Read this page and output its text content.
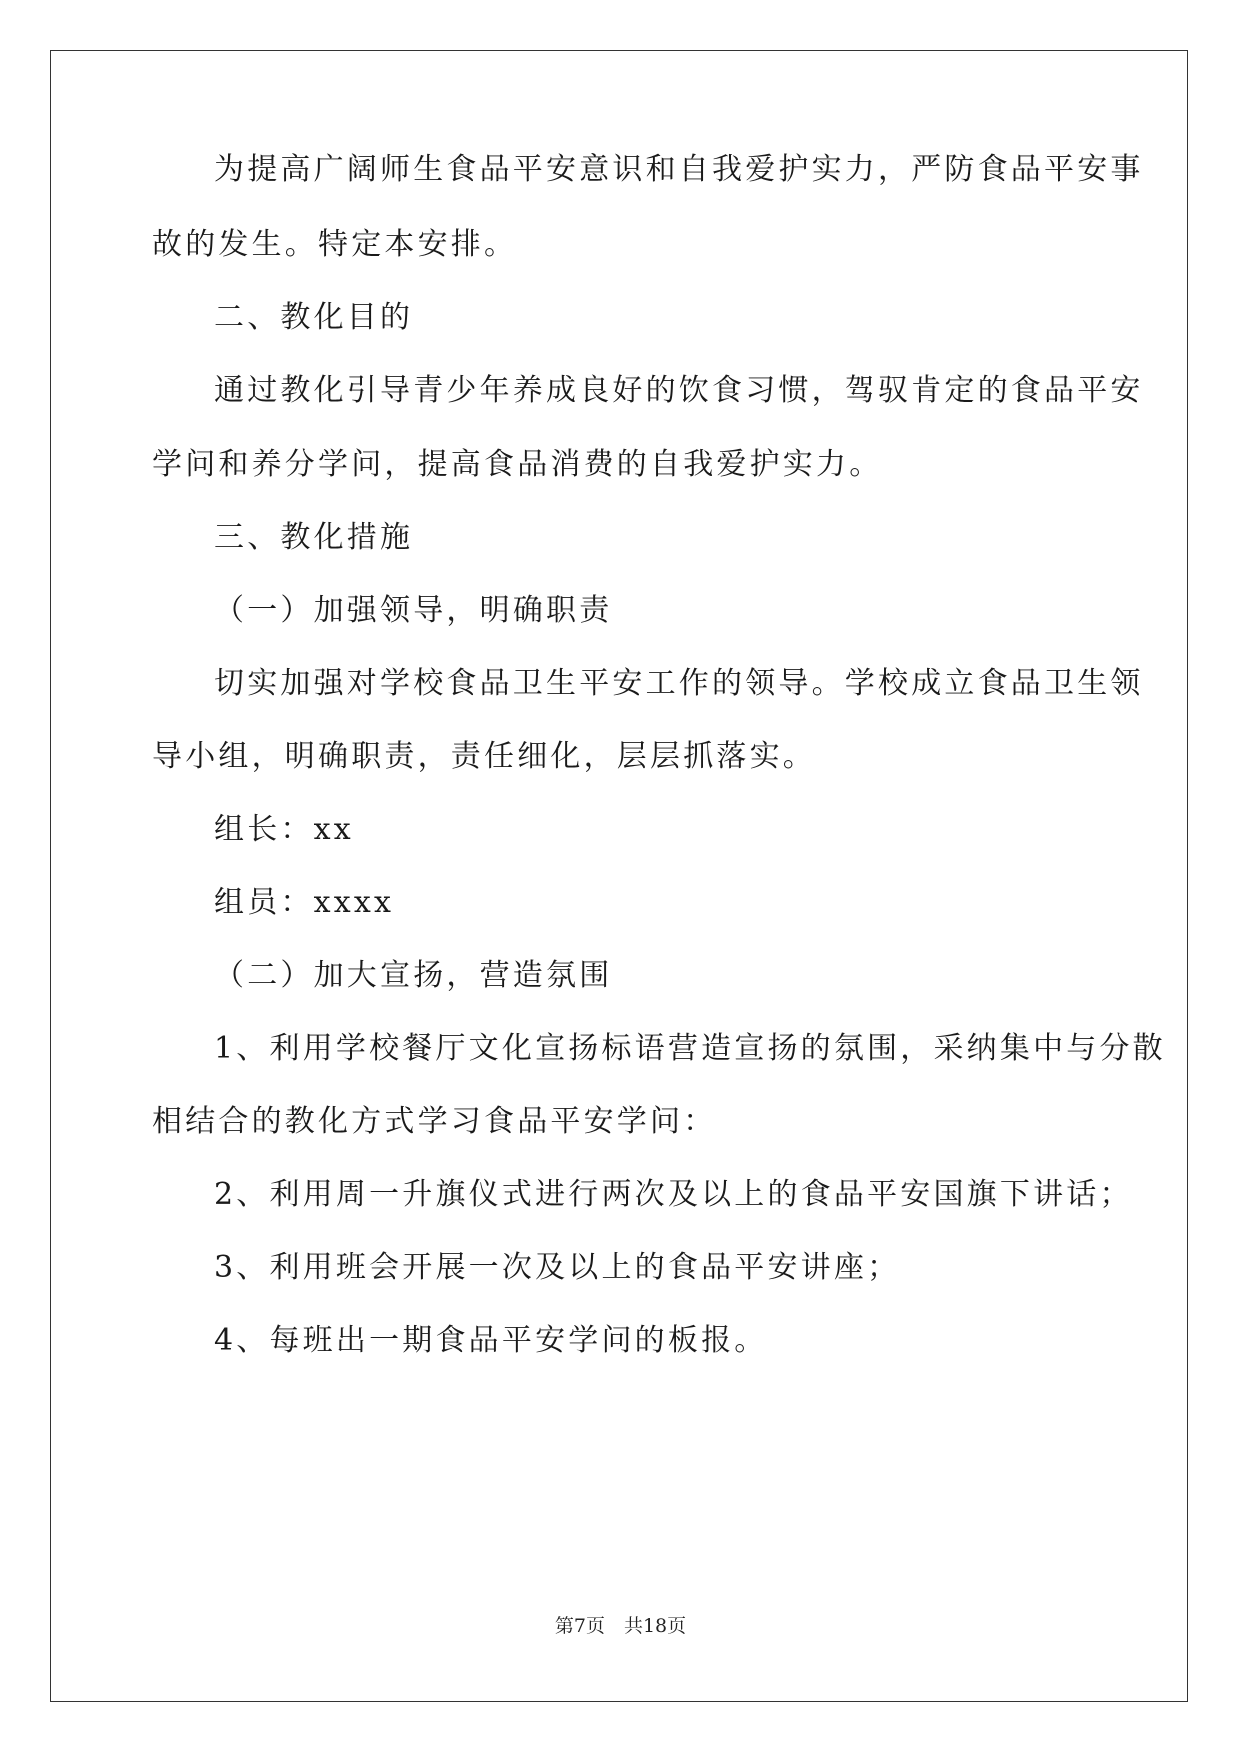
为提高广阔师生食品平安意识和自我爱护实力，严防食品平安事
故的发生。特定本安排。
二、教化目的
通过教化引导青少年养成良好的饮食习惯，驾驭肯定的食品平安
学问和养分学问，提高食品消费的自我爱护实力。
三、教化措施
（一）加强领导，明确职责
切实加强对学校食品卫生平安工作的领导。学校成立食品卫生领
导小组，明确职责，责任细化，层层抓落实。
组长：xx
组员：xxxx
（二）加大宣扬，营造氛围
1、利用学校餐厅文化宣扬标语营造宣扬的氛围，采纳集中与分散
相结合的教化方式学习食品平安学问：
2、利用周一升旗仪式进行两次及以上的食品平安国旗下讲话；
3、利用班会开展一次及以上的食品平安讲座；
4、每班出一期食品平安学问的板报。
第7页　共18页
